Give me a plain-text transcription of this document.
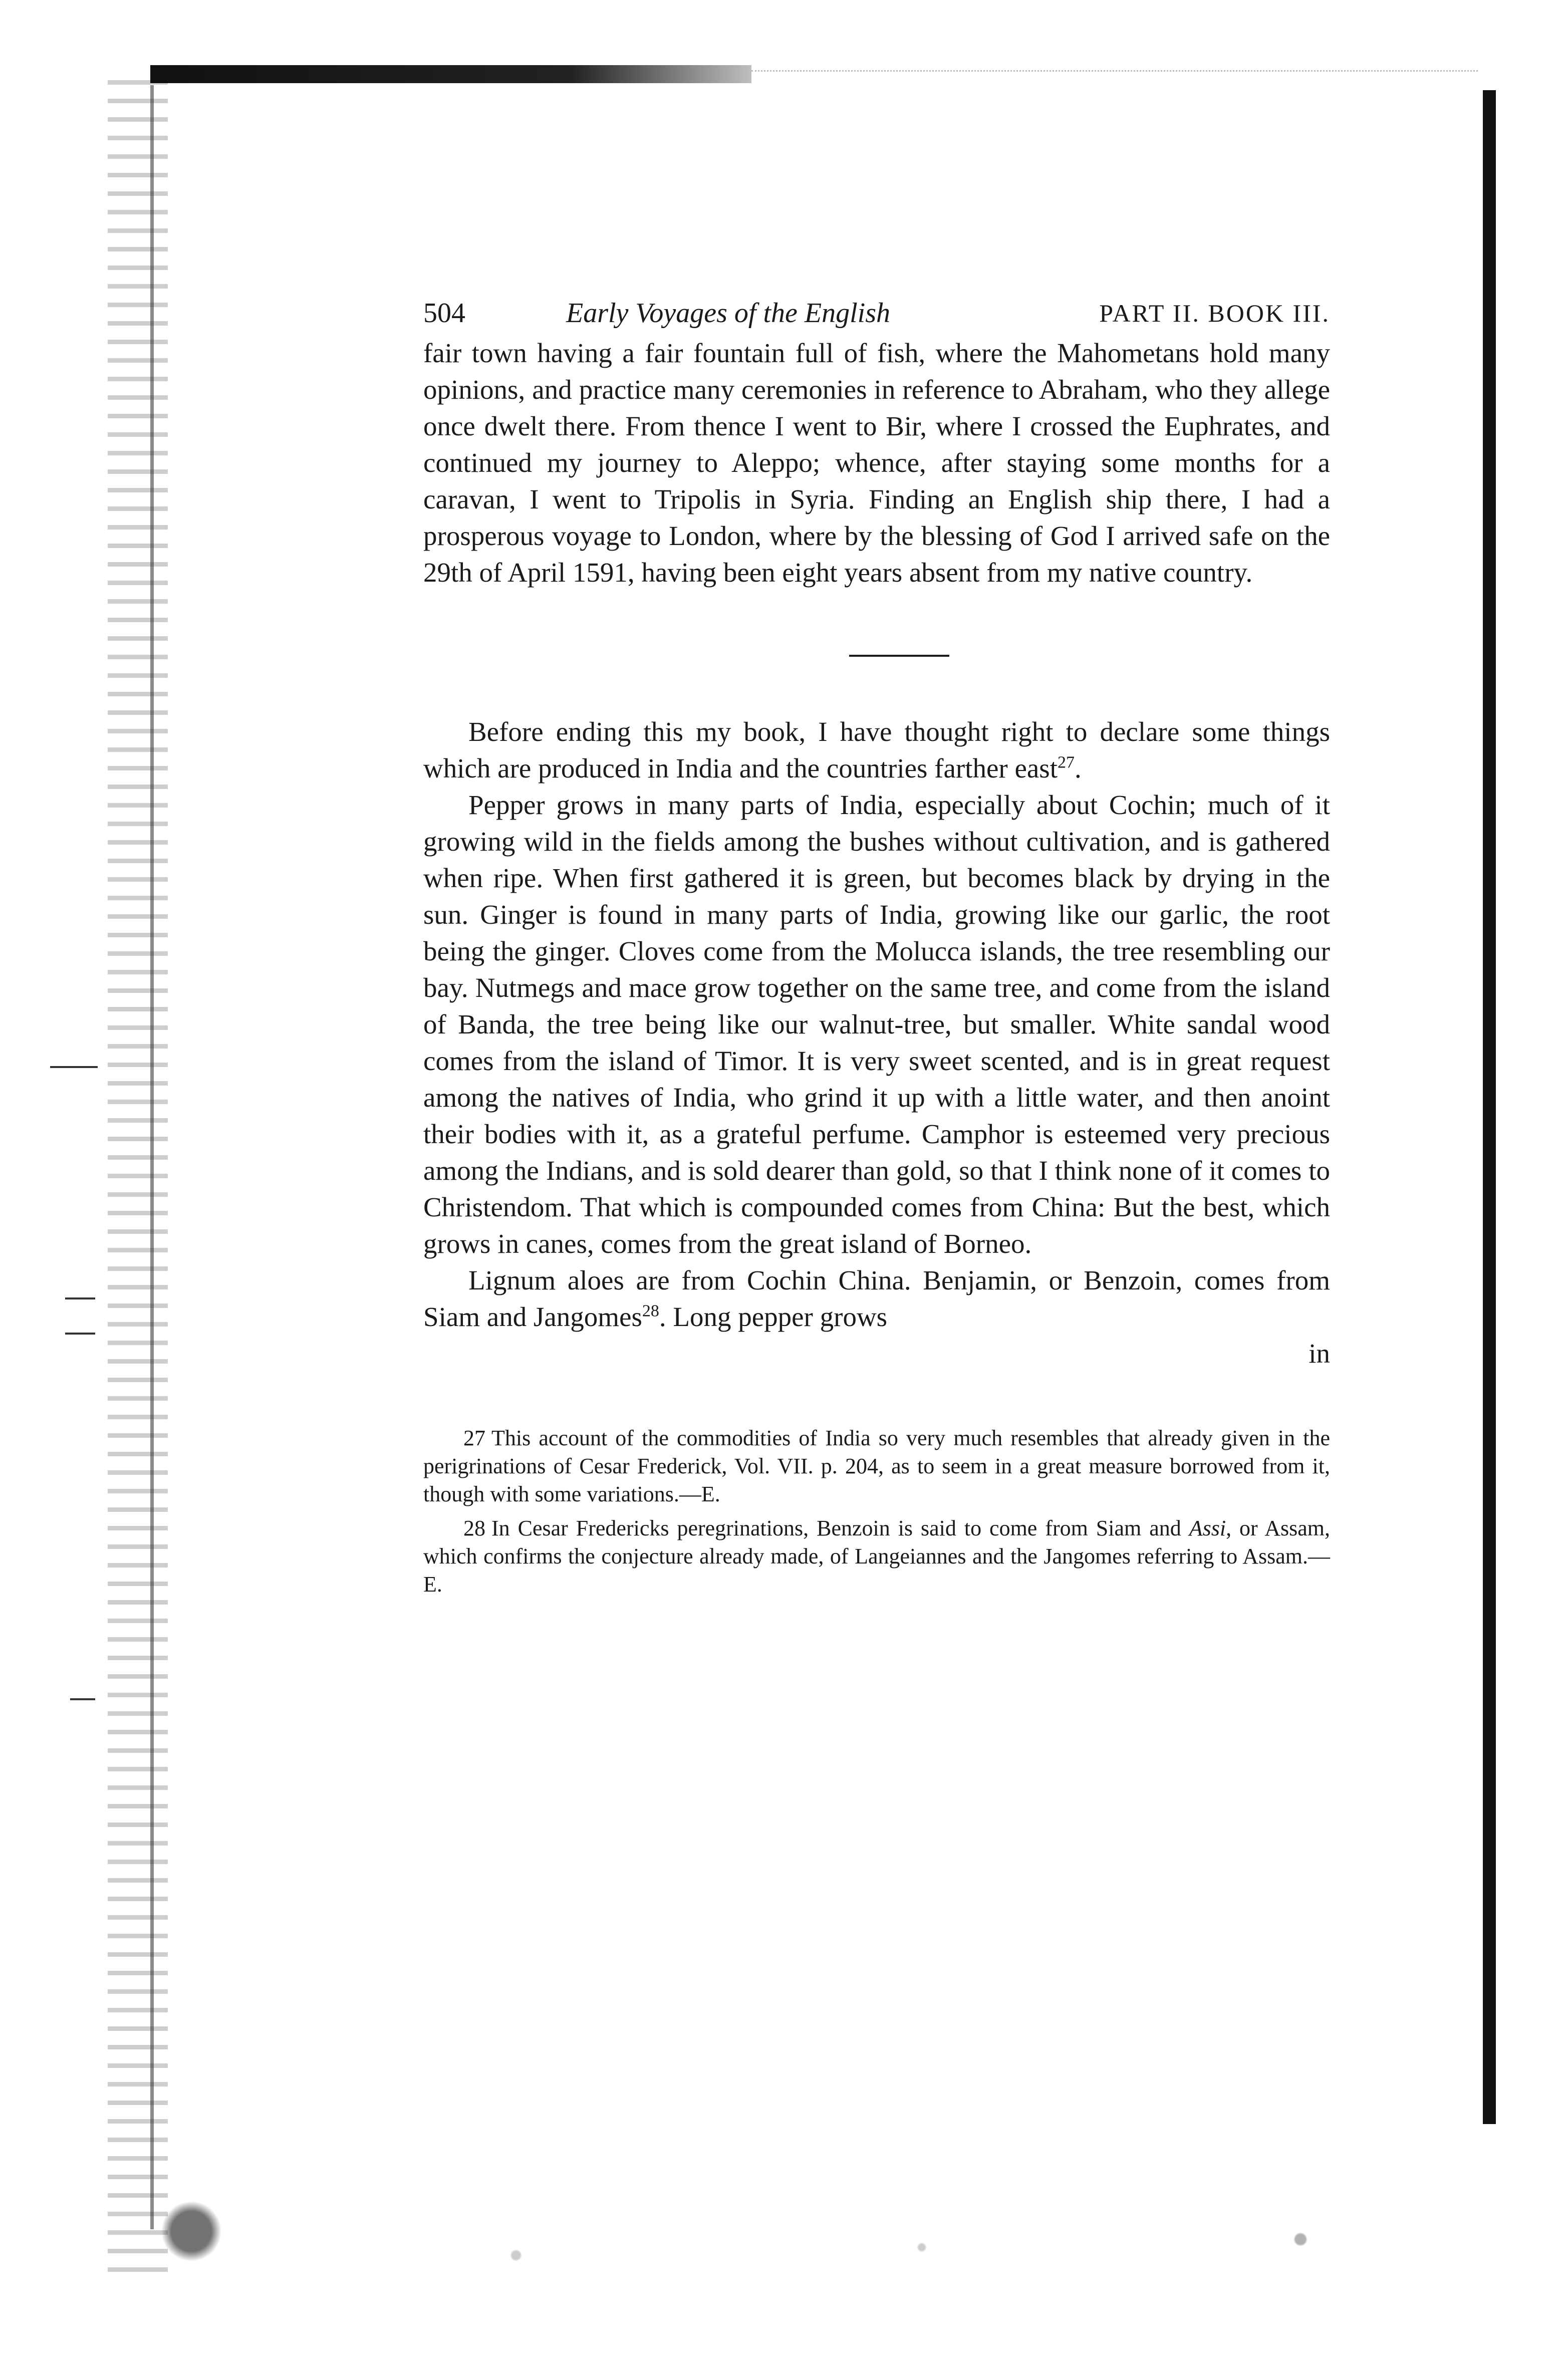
504	Early Voyages of the English	PART II. BOOK III.

fair town having a fair fountain full of fish, where the Mahometans hold many opinions, and practice many ceremonies in reference to Abraham, who they allege once dwelt there. From thence I went to Bir, where I crossed the Euphrates, and continued my journey to Aleppo; whence, after staying some months for a caravan, I went to Tripolis in Syria. Finding an English ship there, I had a prosperous voyage to London, where by the blessing of God I arrived safe on the 29th of April 1591, having been eight years absent from my native country.

Before ending this my book, I have thought right to declare some things which are produced in India and the countries farther east$^{27}$.

Pepper grows in many parts of India, especially about Cochin; much of it growing wild in the fields among the bushes without cultivation, and is gathered when ripe. When first gathered it is green, but becomes black by drying in the sun. Ginger is found in many parts of India, growing like our garlic, the root being the ginger. Cloves come from the Molucca islands, the tree resembling our bay. Nutmegs and mace grow together on the same tree, and come from the island of Banda, the tree being like our walnut-tree, but smaller. White sandal wood comes from the island of Timor. It is very sweet scented, and is in great request among the natives of India, who grind it up with a little water, and then anoint their bodies with it, as a grateful perfume. Camphor is esteemed very precious among the Indians, and is sold dearer than gold, so that I think none of it comes to Christendom. That which is compounded comes from China: But the best, which grows in canes, comes from the great island of Borneo.

Lignum aloes are from Cochin China. Benjamin, or Benzoin, comes from Siam and Jangomes$^{28}$. Long pepper grows

in

27 This account of the commodities of India so very much resembles that already given in the perigrinations of Cesar Frederick, Vol. VII. p. 204, as to seem in a great measure borrowed from it, though with some variations.—E.

28 In Cesar Fredericks peregrinations, Benzoin is said to come from Siam and Assi, or Assam, which confirms the conjecture already made, of Langeiannes and the Jangomes referring to Assam.—E.
